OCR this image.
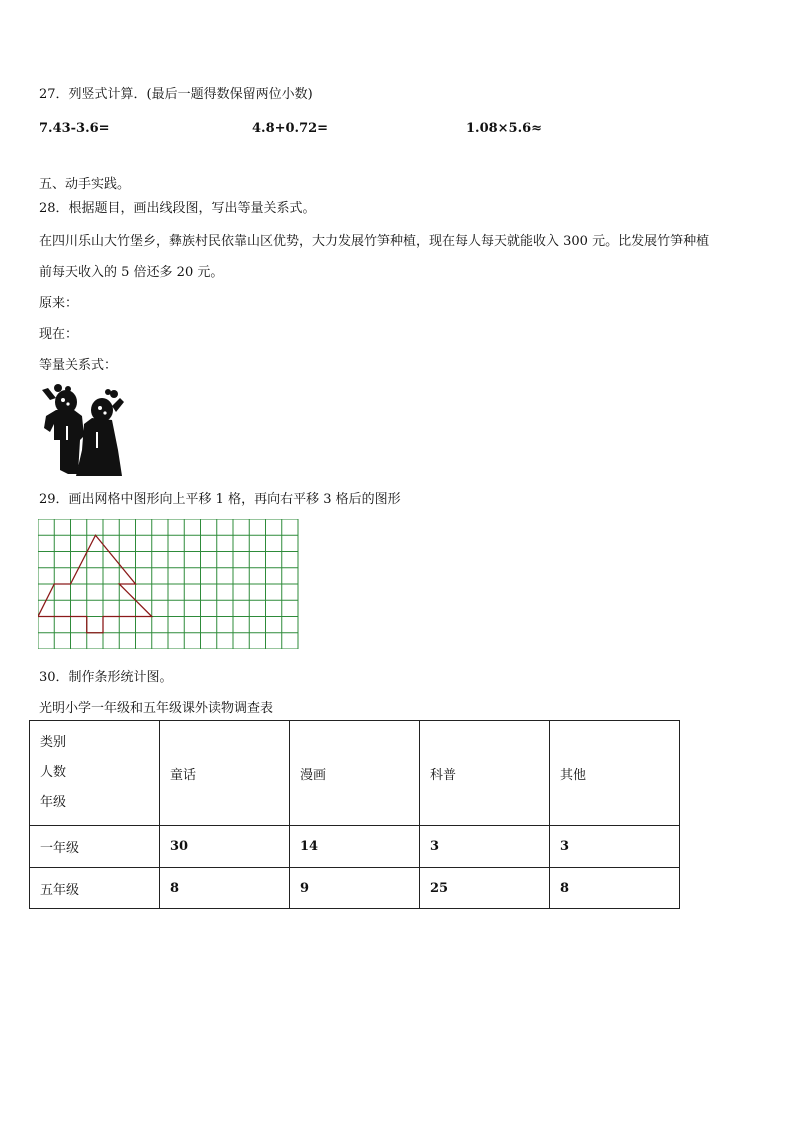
27．列竖式计算．(最后一题得数保留两位小数)
7.43-3.6=	4.8+0.72=	1.08×5.6≈
五、动手实践。
28．根据题目，画出线段图，写出等量关系式。
在四川乐山大竹堡乡，彝族村民依靠山区优势，大力发展竹笋种植，现在每人每天就能收入 300 元。比发展竹笋种植
前每天收入的 5 倍还多 20 元。
原来：
现在：
等量关系式：
29．画出网格中图形向上平移 1 格，再向右平移 3 格后的图形
30．制作条形统计图。
光明小学一年级和五年级课外读物调查表
类别
人数
年级	童话	漫画	科普	其他
一年级	30	14	3	3
五年级	8	9	25	8
